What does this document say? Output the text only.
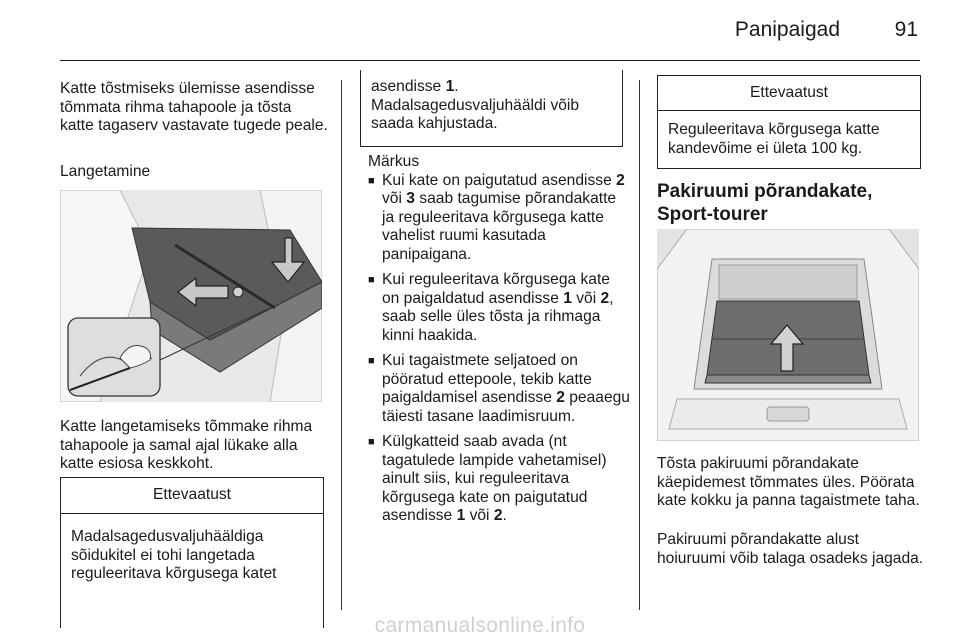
Panipaigad	91
Katte tõstmiseks ülemisse asendisse tõmmata rihma tahapoole ja tõsta katte tagaserv vastavate tugede peale.
Langetamine
Katte langetamiseks tõmmake rihma tahapoole ja samal ajal lükake alla katte esiosa keskkoht.
Ettevaatust
Madalsagedusvaljuhääldiga sõidukitel ei tohi langetada reguleeritava kõrgusega katet
asendisse 1.
Madalsagedusvaljuhääldi võib saada kahjustada.
Märkus
■ Kui kate on paigutatud asendisse 2 või 3 saab tagumise põrandakatte ja reguleeritava kõrgusega katte vahelist ruumi kasutada panipaigana.
■ Kui reguleeritava kõrgusega kate on paigaldatud asendisse 1 või 2, saab selle üles tõsta ja rihmaga kinni haakida.
■ Kui tagaistmete seljatoed on pööratud ettepoole, tekib katte paigaldamisel asendisse 2 peaaegu täiesti tasane laadimisruum.
■ Külgkatteid saab avada (nt tagatulede lampide vahetamisel) ainult siis, kui reguleeritava kõrgusega kate on paigutatud asendisse 1 või 2.
Ettevaatust
Reguleeritava kõrgusega katte kandevõime ei ületa 100 kg.
Pakiruumi põrandakate, Sport-tourer
Tõsta pakiruumi põrandakate käepidemest tõmmates üles. Pöörata kate kokku ja panna tagaistmete taha.
Pakiruumi põrandakatte alust hoiuruumi võib talaga osadeks jagada.
carmanualsonline.info
